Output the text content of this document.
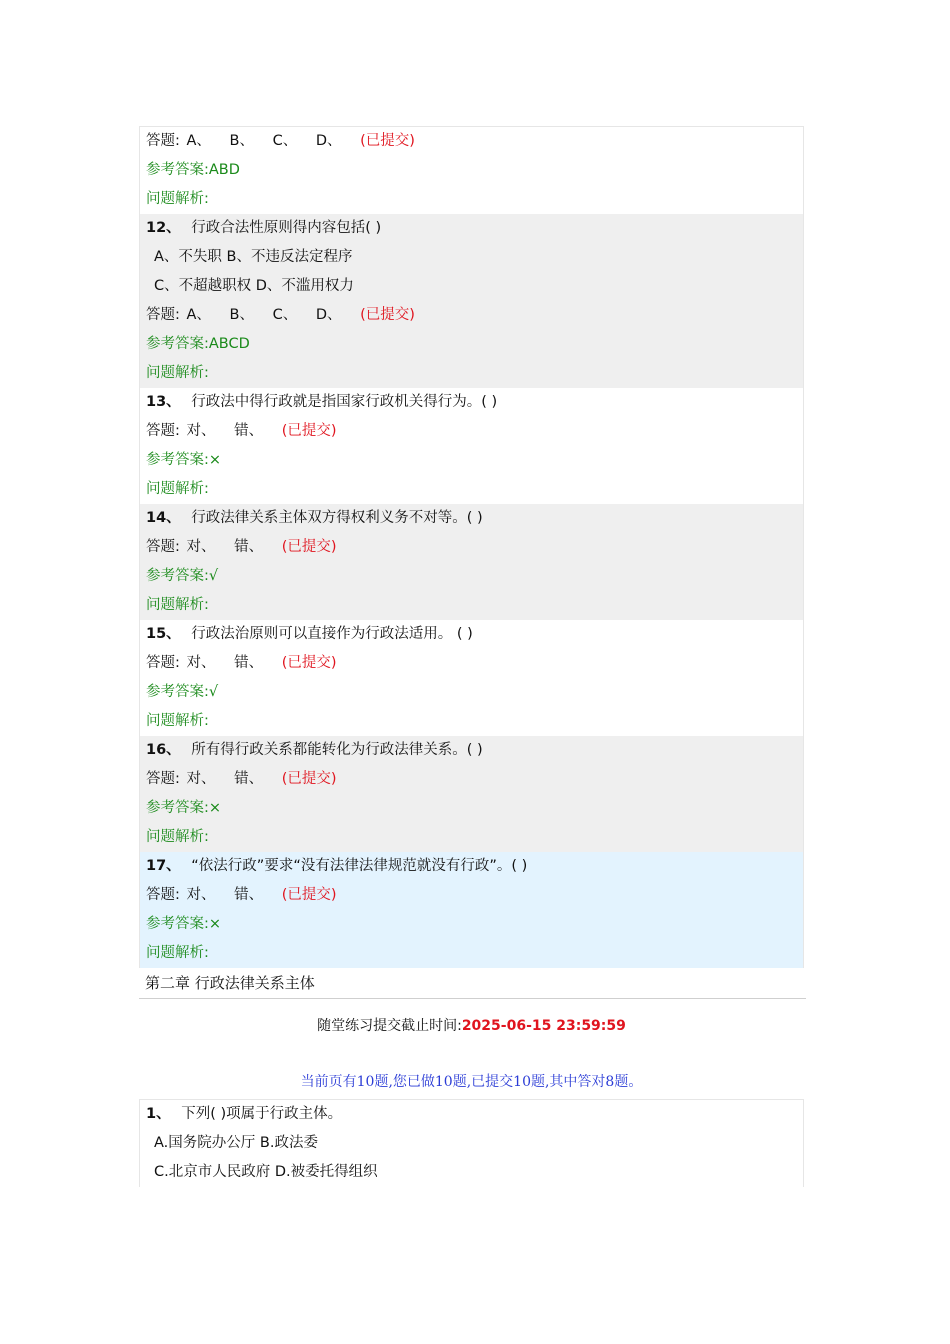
答题: A、 B、 C、 D、 (已提交)
参考答案:ABD
问题解析:
12、 行政合法性原则得内容包括( )
A、不失职 B、不违反法定程序
C、不超越职权 D、不滥用权力
答题: A、 B、 C、 D、 (已提交)
参考答案:ABCD
问题解析:
13、 行政法中得行政就是指国家行政机关得行为。( )
答题: 对、 错、 (已提交)
参考答案:×
问题解析:
14、 行政法律关系主体双方得权利义务不对等。( )
答题: 对、 错、 (已提交)
参考答案:√
问题解析:
15、 行政法治原则可以直接作为行政法适用。 ( )
答题: 对、 错、 (已提交)
参考答案:√
问题解析:
16、 所有得行政关系都能转化为行政法律关系。( )
答题: 对、 错、 (已提交)
参考答案:×
问题解析:
17、 “依法行政”要求“没有法律法律规范就没有行政”。( )
答题: 对、 错、 (已提交)
参考答案:×
问题解析:
第二章 行政法律关系主体
随堂练习提交截止时间:2025-06-15 23:59:59
当前页有10题,您已做10题,已提交10题,其中答对8题。
1、 下列( )项属于行政主体。
A.国务院办公厅 B.政法委
C.北京市人民政府 D.被委托得组织
